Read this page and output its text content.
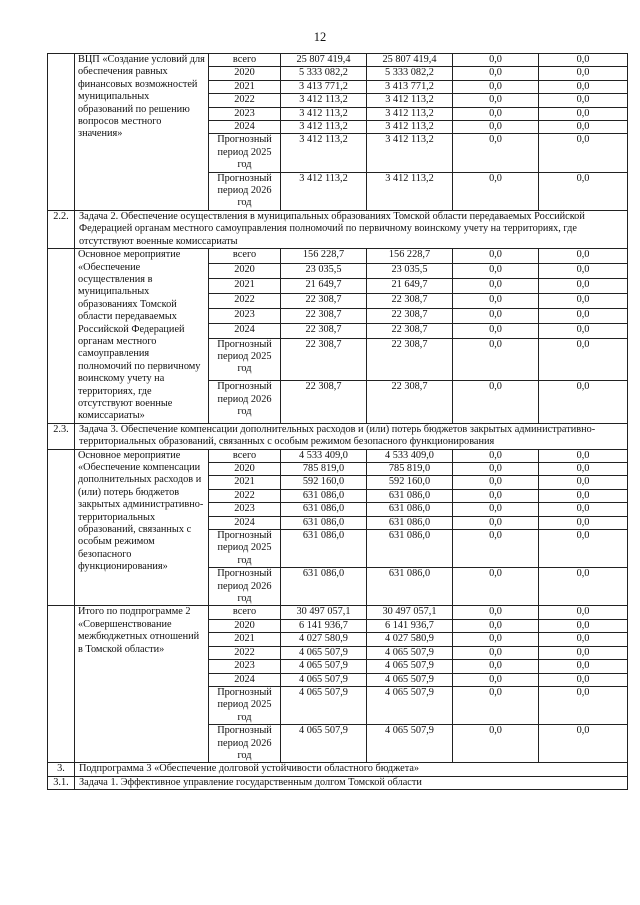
12
	ВЦП «Создание условий для обеспечения равных финансовых возможностей муниципальных образований по решению вопросов местного значения»	всего	25 807 419,4	25 807 419,4	0,0	0,0
		2020	5 333 082,2	5 333 082,2	0,0	0,0
		2021	3 413 771,2	3 413 771,2	0,0	0,0
		2022	3 412 113,2	3 412 113,2	0,0	0,0
		2023	3 412 113,2	3 412 113,2	0,0	0,0
		2024	3 412 113,2	3 412 113,2	0,0	0,0
		Прогнозный период 2025 год	3 412 113,2	3 412 113,2	0,0	0,0
		Прогнозный период 2026 год	3 412 113,2	3 412 113,2	0,0	0,0
2.2.	Задача 2. Обеспечение осуществления в муниципальных образованиях Томской области передаваемых Российской Федерацией органам местного самоуправления полномочий по первичному воинскому учету на территориях, где отсутствуют военные комиссариаты					
	Основное мероприятие «Обеспечение осуществления в муниципальных образованиях Томской области передаваемых Российской Федерацией органам местного самоуправления полномочий по первичному воинскому учету на территориях, где отсутствуют военные комиссариаты»	всего	156 228,7	156 228,7	0,0	0,0
		2020	23 035,5	23 035,5	0,0	0,0
		2021	21 649,7	21 649,7	0,0	0,0
		2022	22 308,7	22 308,7	0,0	0,0
		2023	22 308,7	22 308,7	0,0	0,0
		2024	22 308,7	22 308,7	0,0	0,0
		Прогнозный период 2025 год	22 308,7	22 308,7	0,0	0,0
		Прогнозный период 2026 год	22 308,7	22 308,7	0,0	0,0
2.3.	Задача 3. Обеспечение компенсации дополнительных расходов и (или) потерь бюджетов закрытых административно-территориальных образований, связанных с особым режимом безопасного функционирования					
	Основное мероприятие «Обеспечение компенсации дополнительных расходов и (или) потерь бюджетов закрытых административно-территориальных образований, связанных с особым режимом безопасного функционирования»	всего	4 533 409,0	4 533 409,0	0,0	0,0
		2020	785 819,0	785 819,0	0,0	0,0
		2021	592 160,0	592 160,0	0,0	0,0
		2022	631 086,0	631 086,0	0,0	0,0
		2023	631 086,0	631 086,0	0,0	0,0
		2024	631 086,0	631 086,0	0,0	0,0
		Прогнозный период 2025 год	631 086,0	631 086,0	0,0	0,0
		Прогнозный период 2026 год	631 086,0	631 086,0	0,0	0,0
	Итого по подпрограмме 2 «Совершенствование межбюджетных отношений в Томской области»	всего	30 497 057,1	30 497 057,1	0,0	0,0
		2020	6 141 936,7	6 141 936,7	0,0	0,0
		2021	4 027 580,9	4 027 580,9	0,0	0,0
		2022	4 065 507,9	4 065 507,9	0,0	0,0
		2023	4 065 507,9	4 065 507,9	0,0	0,0
		2024	4 065 507,9	4 065 507,9	0,0	0,0
		Прогнозный период 2025 год	4 065 507,9	4 065 507,9	0,0	0,0
		Прогнозный период 2026 год	4 065 507,9	4 065 507,9	0,0	0,0
3.	Подпрограмма 3 «Обеспечение долговой устойчивости областного бюджета»					
3.1.	Задача 1. Эффективное управление государственным долгом Томской области					
